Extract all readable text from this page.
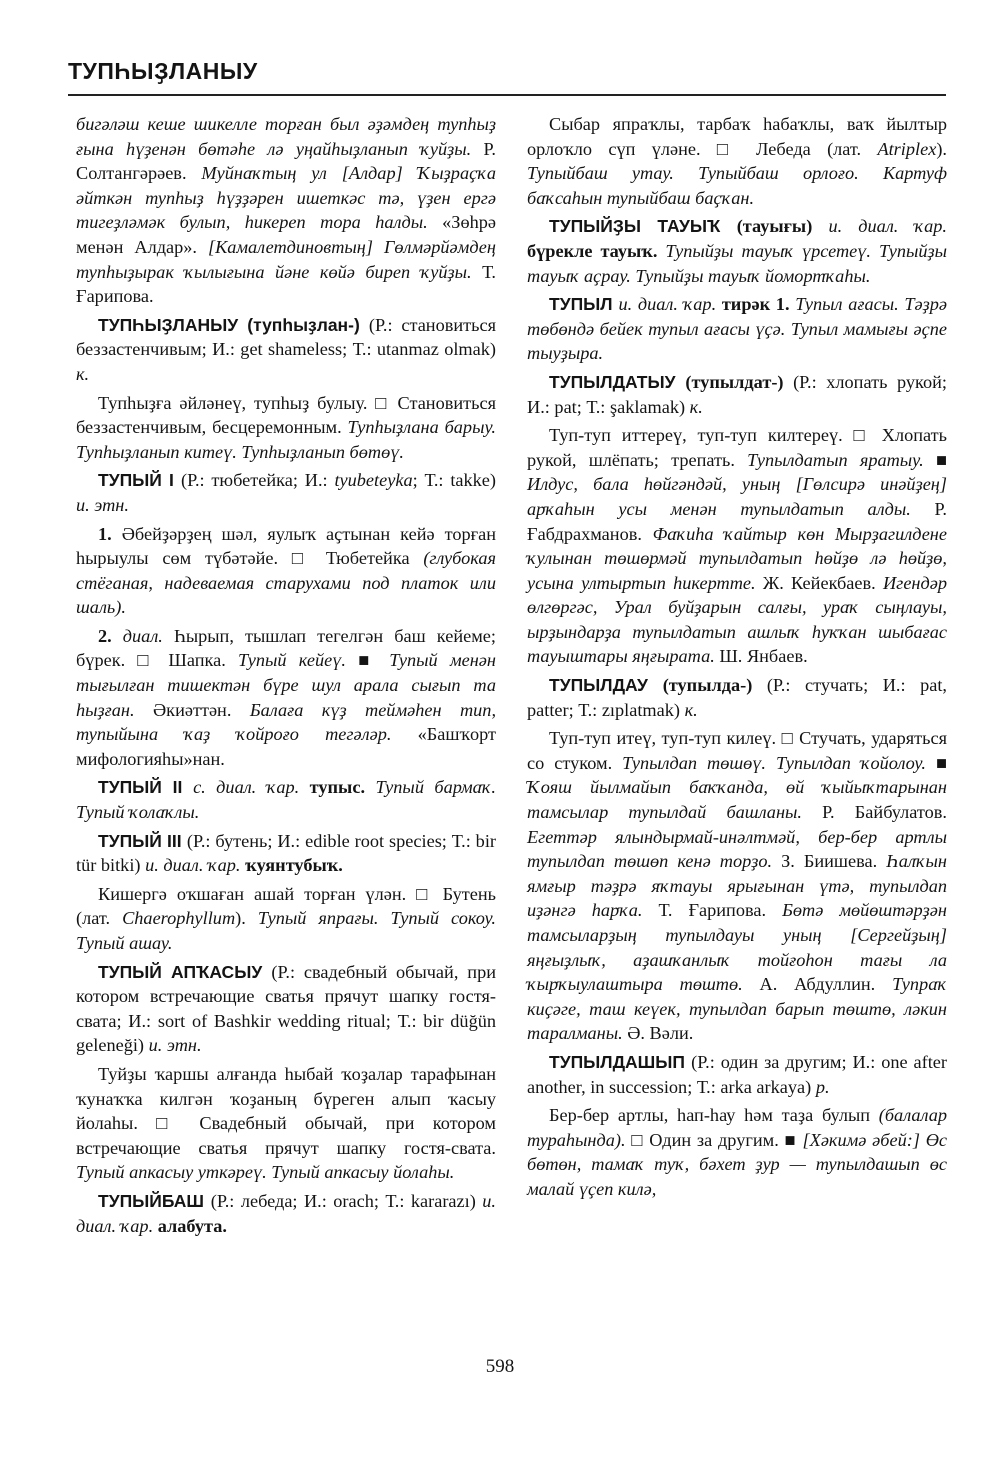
ТУПҺЫҘЛАНЫУ

бигәләш кеше шикелле торған был әҙәмдең тупһыҙ ғына һүҙенән бөтәһе лә уңайһыҙланып ҡуйҙы. Р. Солтангәрәев. Муйнаҡтың ул [Алдар] Ҡыҙраҫҡа әйткән тупһыҙ һүҙҙәрен ишеткәс тә, үҙен ергә тигеҙләмәк булып, һикереп тора һалды. «Зөһрә менән Алдар». [Камалетдиновтың] Гөлмәрйәмдең тупһыҙырак ҡылығына йәне көйә биреп ҡуйҙы. Т. Ғарипова.

ТУПҺЫҘЛАНЫУ (тупһыҙлан-) (Р.: становиться беззастенчивым; И.: get shameless; Т.: utanmaz olmak) к.

Тупһыҙға әйләнеү, тупһыҙ булыу. □ Становиться беззастенчивым, бесцеремонным. Тупһыҙлана барыу. Тупһыҙланып китеү. Тупһыҙланып бөтөү.

ТУПЫЙ I (Р.: тюбетейка; И.: tyubeteyka; Т.: takke) и. этн.

1. Әбейҙәрҙең шәл, яулыҡ аҫтынан кейә торған һырыулы сөм түбәтәйе. □ Тюбетейка (глубокая стёганая, надеваемая старухами под платок или шаль).

2. диал. Һырып, тышлап тегелгән баш кейеме; бүрек. □ Шапка. Тупый кейеү. ■ Тупый менән тығылған тишектән бүре шул арала сығып та һыҙған. Әкиәттән. Балаға күҙ теймәһен тип, тупыйына ҡаҙ ҡойроғо тегәләр. «Башҡорт мифологияһы»нан.

ТУПЫЙ II с. диал. ҡар. тупыс. Тупый бармаҡ. Тупый ҡолаҡлы.

ТУПЫЙ III (Р.: бутень; И.: edible root species; Т.: bir tür bitki) и. диал. ҡар. ҡуянтубыҡ.

Кишергә оҡшаған ашай торған үлән. □ Бутень (лат. Chaerophyllum). Тупый япрағы. Тупый сокоу. Тупый ашау.

ТУПЫЙ АПҠАСЫУ (Р.: свадебный обычай, при котором встречающие сватья прячут шапку гостя-свата; И.: sort of Bashkir wedding ritual; Т.: bir düğün geleneği) и. этн.

Туйҙы ҡаршы алғанда һыбай ҡоҙалар тарафынан ҡунаҡҡа килгән ҡоҙаның бүреген алып ҡасыу йолаһы. □ Свадебный обычай, при котором встречающие сватья прячут шапку гостя-свата. Тупый апкасыу уткәреү. Тупый апкасыу йолаһы.

ТУПЫЙБАШ (Р.: лебеда; И.: orach; Т.: kararazı) и. диал. ҡар. алабута.

Сыбар япраҡлы, тарбаҡ һабаҡлы, ваҡ йылтыр орлоҡло сүп үләне. □ Лебеда (лат. Atriplex). Тупыйбаш утау. Тупыйбаш орлоғо. Картуф баҡсаһын тупыйбаш баҫҡан.

ТУПЫЙҘЫ ТАУЫҠ (тауығы) и. диал. ҡар. бүрекле тауыҡ. Тупыйҙы тауыҡ үрсетеү. Тупыйҙы тауыҡ аҫрау. Тупыйҙы тауыҡ йомортҡаһы.

ТУПЫЛ и. диал. ҡар. тирәк 1. Тупыл ағасы. Тәҙрә төбөндә бейек тупыл ағасы үҫә. Тупыл мамығы әҫпе тыуҙыра.

ТУПЫЛДАТЫУ (тупылдат-) (Р.: хлопать рукой; И.: pat; Т.: şaklamak) к.

Туп-туп иттереү, туп-туп килтереү. □ Хлопать рукой, шлёпать; трепать. Тупылдатып яратыу. ■ Илдус, бала һөйгәндәй, уның [Гөлсирә инәйҙең] арҡаһын усы менән тупылдатып алды. Р. Ғабдрахманов. Фаҡиһа ҡайтыр көн Мырҙагилдене ҡулынан төшөрмәй тупылдатып һөйҙө лә һөйҙө, усына ултыртып һикертте. Ж. Кейекбаев. Игендәр өлгөргәс, Урал буйҙарын салғы, ураҡ сыңлауы, ырҙындарҙа тупылдатып ашлыҡ һуҡҡан шыбағас тауыштары яңғырата. Ш. Янбаев.

ТУПЫЛДАУ (тупылда-) (Р.: стучать; И.: pat, patter; Т.: zıplatmak) к.

Туп-туп итеү, туп-туп килеү. □ Стучать, ударяться со стуком. Тупылдап төшөү. Тупылдап ҡойолоу. ■ Ҡояш йылмайып баҡҡанда, өй ҡыйыҡтарынан тамсылар тупылдай башланы. Р. Байбулатов. Егеттәр ялындырмай-инәлтмәй, бер-бер артлы тупылдап төшөп кенә торҙо. З. Биишева. Һалҡын ямғыр тәҙрә яҡтауы ярығынан үтә, тупылдап иҙәнгә һарҡа. Т. Ғарипова. Бөтә мөйөштәрҙән тамсыларҙың тупылдауы уның [Сергейҙың] яңғыҙлыҡ, аҙашҡанлыҡ тойғоһон тағы ла ҡырҡыулаштыра төштө. А. Абдуллин. Тупраҡ киҫәге, таш кеүек, тупылдап барып төштө, ләкин таралманы. Ә. Вәли.

ТУПЫЛДАШЫП (Р.: один за другим; И.: one after another, in succession; Т.: arka arkaya) р.

Бер-бер артлы, һап-һау һәм таҙа булып (балалар тураһында). □ Один за другим. ■ [Хәкимә әбей:] Өс бөтөн, тамаҡ туҡ, бәхет ҙур — тупылдашып өс малай үҫеп килә,

598
